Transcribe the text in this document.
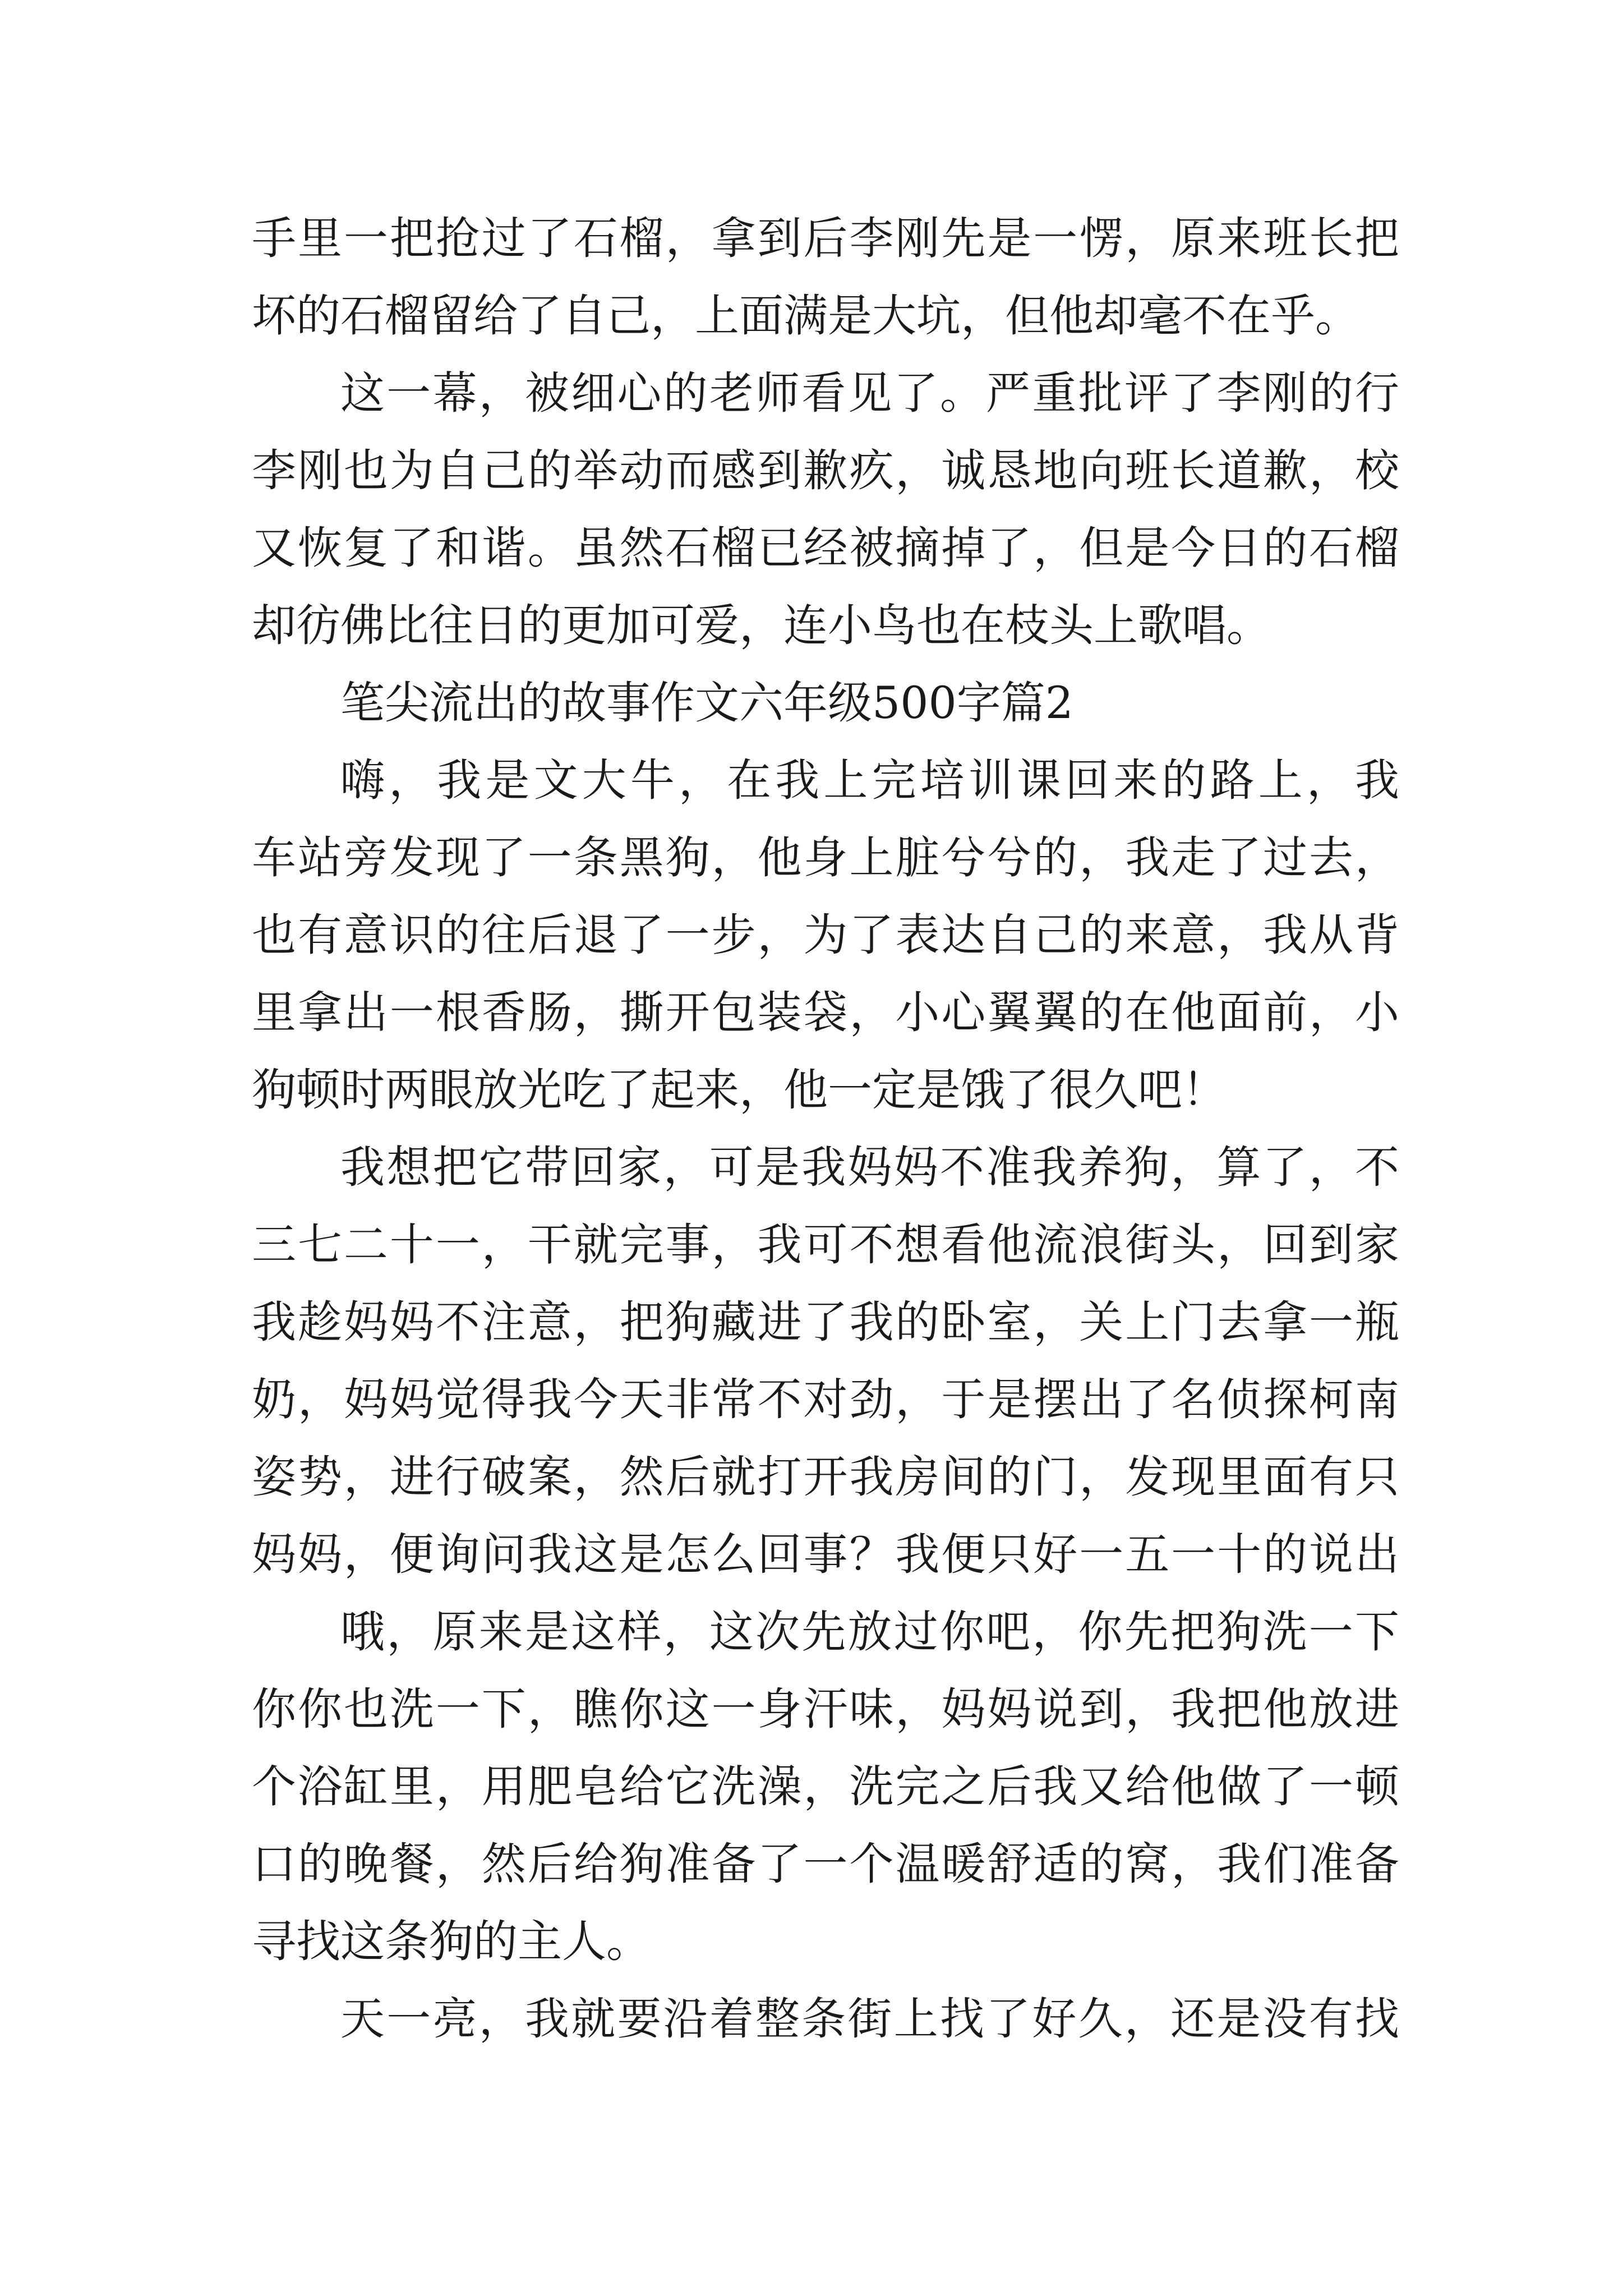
手里一把抢过了石榴，拿到后李刚先是一愣，原来班长把
坏的石榴留给了自己，上面满是大坑，但他却毫不在乎。
这一幕，被细心的老师看见了。严重批评了李刚的行
李刚也为自己的举动而感到歉疚，诚恳地向班长道歉，校
又恢复了和谐。虽然石榴已经被摘掉了，但是今日的石榴
却彷佛比往日的更加可爱，连小鸟也在枝头上歌唱。
笔尖流出的故事作文六年级500字篇2
嗨，我是文大牛，在我上完培训课回来的路上，我
车站旁发现了一条黑狗，他身上脏兮兮的，我走了过去，
也有意识的往后退了一步，为了表达自己的来意，我从背
里拿出一根香肠，撕开包装袋，小心翼翼的在他面前，小
狗顿时两眼放光吃了起来，他一定是饿了很久吧！
我想把它带回家，可是我妈妈不准我养狗，算了，不
三七二十一，干就完事，我可不想看他流浪街头，回到家
我趁妈妈不注意，把狗藏进了我的卧室，关上门去拿一瓶
奶，妈妈觉得我今天非常不对劲，于是摆出了名侦探柯南
姿势，进行破案，然后就打开我房间的门，发现里面有只
妈妈，便询问我这是怎么回事？我便只好一五一十的说出
哦，原来是这样，这次先放过你吧，你先把狗洗一下
你你也洗一下，瞧你这一身汗味，妈妈说到，我把他放进
个浴缸里，用肥皂给它洗澡，洗完之后我又给他做了一顿
口的晚餐，然后给狗准备了一个温暖舒适的窝，我们准备
寻找这条狗的主人。
天一亮，我就要沿着整条街上找了好久，还是没有找
